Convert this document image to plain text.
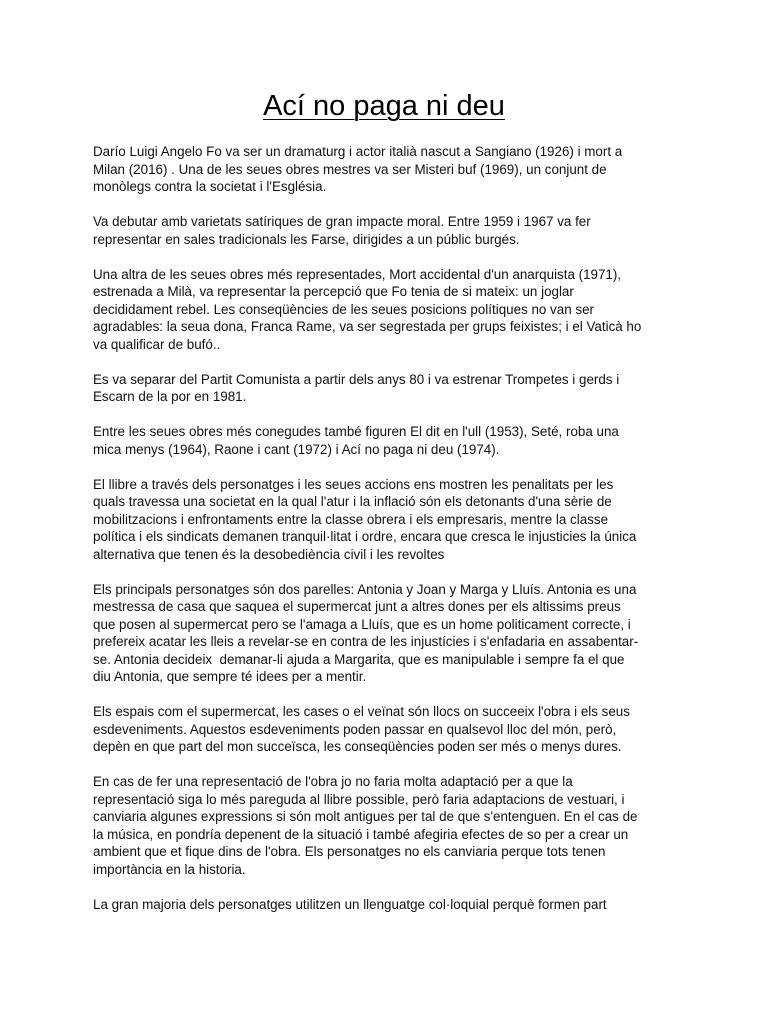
Ací no paga ni deu

Darío Luigi Angelo Fo va ser un dramaturg i actor italià nascut a Sangiano (1926) i mort a
Milan (2016) . Una de les seues obres mestres va ser Misteri buf (1969), un conjunt de
monòlegs contra la societat i l'Església.

Va debutar amb varietats satíriques de gran impacte moral. Entre 1959 i 1967 va fer
representar en sales tradicionals les Farse, dirigides a un públic burgés.

Una altra de les seues obres més representades, Mort accidental d'un anarquista (1971),
estrenada a Milà, va representar la percepció que Fo tenia de si mateix: un joglar
decididament rebel. Les conseqüències de les seues posicions polítiques no van ser
agradables: la seua dona, Franca Rame, va ser segrestada per grups feixistes; i el Vaticà ho
va qualificar de bufó..

Es va separar del Partit Comunista a partir dels anys 80 i va estrenar Trompetes i gerds i
Escarn de la por en 1981.

Entre les seues obres més conegudes també figuren El dit en l'ull (1953), Seté, roba una
mica menys (1964), Raone i cant (1972) i Ací no paga ni deu (1974).

El llibre a través dels personatges i les seues accions ens mostren les penalitats per les
quals travessa una societat en la qual l'atur i la inflació són els detonants d'una sèrie de
mobilitzacions i enfrontaments entre la classe obrera i els empresaris, mentre la classe
política i els sindicats demanen tranquil·litat i ordre, encara que cresca le injusticies la única
alternativa que tenen és la desobediència civil i les revoltes

Els principals personatges són dos parelles: Antonia y Joan y Marga y Lluís. Antonia es una
mestressa de casa que saquea el supermercat junt a altres dones per els altissims preus
que posen al supermercat pero se l'amaga a Lluís, que es un home politicament correcte, i
prefereix acatar les lleis a revelar-se en contra de les injustícies i s'enfadaria en assabentar-
se. Antonia decideix  demanar-li ajuda a Margarita, que es manipulable i sempre fa el que
diu Antonia, que sempre té idees per a mentir.

Els espais com el supermercat, les cases o el veïnat són llocs on succeeix l'obra i els seus
esdeveniments. Aquestos esdeveniments poden passar en qualsevol lloc del món, però,
depèn en que part del mon succeïsca, les conseqüències poden ser més o menys dures.

En cas de fer una representació de l'obra jo no faria molta adaptació per a que la
representació siga lo més pareguda al llibre possible, però faria adaptacions de vestuari, i
canviaria algunes expressions si són molt antigues per tal de que s'entenguen. En el cas de
la música, en pondría depenent de la situació i també afegiria efectes de so per a crear un
ambient que et fique dins de l'obra. Els personatges no els canviaria perque tots tenen
importància en la historia.

La gran majoria dels personatges utilitzen un llenguatge col·loquial perquè formen part
